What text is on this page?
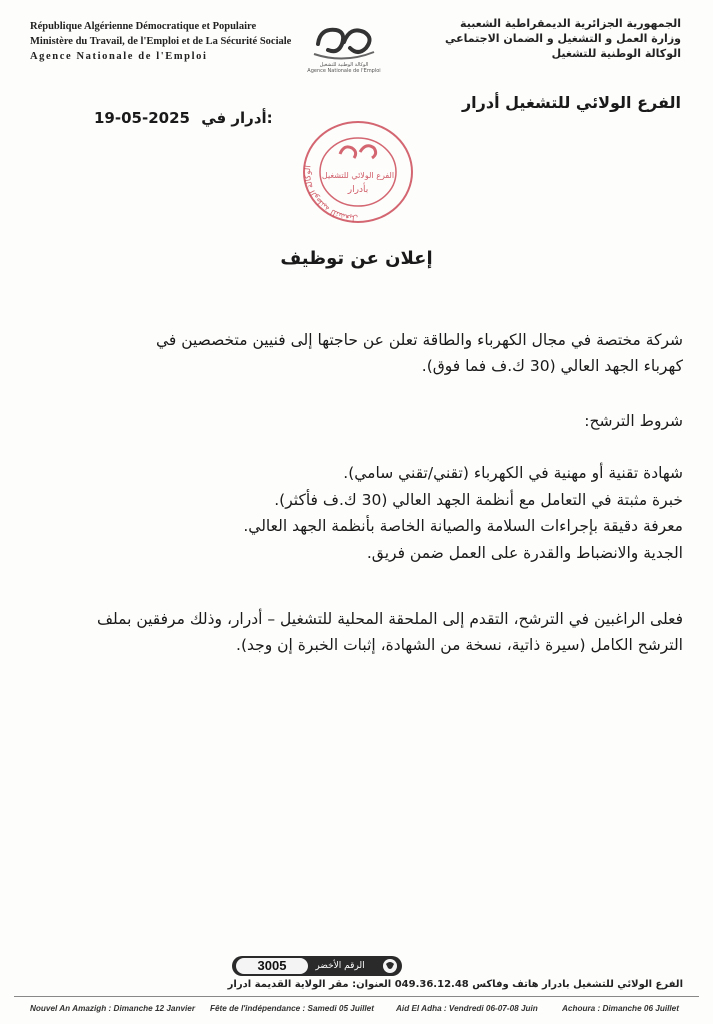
République Algérienne Démocratique et Populaire
Ministère du Travail, de l'Emploi et de La Sécurité Sociale
Agence Nationale de l'Emploi
الوكالة الوطنية للتشغيل
Agence Nationale de l'Emploi
الجمهورية الجزائرية الديمقراطية الشعبية
وزارة العمل و التشغيل و الضمان الاجتماعي
الوكالة الوطنية للتشغيل
الفرع الولائي للتشغيل أدرار
19-05-2025 أدرار في:
الوكالة الوطنية للتشغيل
الفرع الولائي للتشغيل
بأدرار
إعلان عن توظيف
شركة مختصة في مجال الكهرباء والطاقة تعلن عن حاجتها إلى فنيين متخصصين في
كهرباء الجهد العالي (30 ك.ف فما فوق).
شروط الترشح:
شهادة تقنية أو مهنية في الكهرباء (تقني/تقني سامي).
خبرة مثبتة في التعامل مع أنظمة الجهد العالي (30 ك.ف فأكثر).
معرفة دقيقة بإجراءات السلامة والصيانة الخاصة بأنظمة الجهد العالي.
الجدية والانضباط والقدرة على العمل ضمن فريق.
فعلى الراغبين في الترشح، التقدم إلى الملحقة المحلية للتشغيل – أدرار، وذلك مرفقين بملف
الترشح الكامل (سيرة ذاتية، نسخة من الشهادة، إثبات الخبرة إن وجد).
3005	الرقم الأخضر
الفرع الولائي للتشغيل بادرار هاتف وفاكس 049.36.12.48 العنوان: مقر الولاية القديمة ادرار
Nouvel An Amazigh : Dimanche 12 Janvier Fête de l'indépendance : Samedi 05 Juillet	Aid El Adha : Vendredi 06-07-08 Juin	Achoura : Dimanche 06 Juillet
